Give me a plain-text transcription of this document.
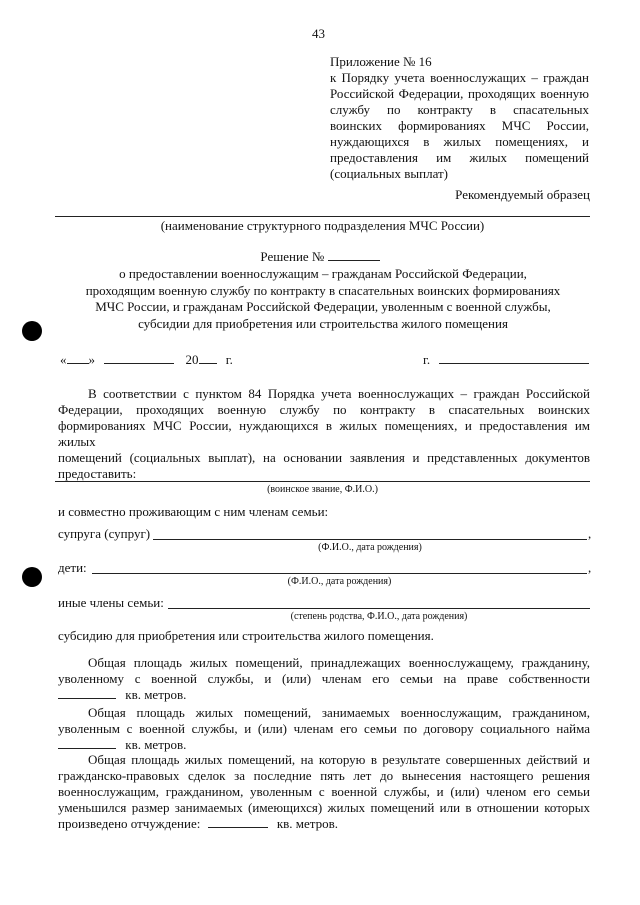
43
Приложение № 16
к Порядку учета военнослужащих – граждан
Российской Федерации, проходящих военную
службу по контракту в спасательных
воинских формированиях МЧС России,
нуждающихся в жилых помещениях, и
предоставления им жилых помещений
(социальных выплат)
Рекомендуемый образец
(наименование структурного подразделения МЧС России)
Решение №
о предоставлении военнослужащим – гражданам Российской Федерации,
проходящим военную службу по контракту в спасательных воинских формированиях
МЧС России, и гражданам Российской Федерации, уволенным с военной службы,
субсидии для приобретения или строительства жилого помещения
« »	20 г.	г.
В соответствии с пунктом 84 Порядка учета военнослужащих – граждан Российской
Федерации, проходящих военную службу по контракту в спасательных воинских
формированиях МЧС России, нуждающихся в жилых помещениях, и предоставления им жилых
помещений (социальных выплат), на основании заявления и представленных документов
предоставить:
(воинское звание, Ф.И.О.)
и совместно проживающим с ним членам семьи:
супруга (супруг)	,
(Ф.И.О., дата рождения)
дети:	,
(Ф.И.О., дата рождения)
иные члены семьи:
(степень родства, Ф.И.О., дата рождения)
субсидию для приобретения или строительства жилого помещения.
Общая площадь жилых помещений, принадлежащих военнослужащему, гражданину,
уволенному с военной службы, и (или) членам его семьи на праве собственности
кв. метров.
Общая площадь жилых помещений, занимаемых военнослужащим, гражданином,
уволенным с военной службы, и (или) членам его семьи по договору социального найма
кв. метров.
Общая площадь жилых помещений, на которую в результате совершенных действий и
гражданско-правовых сделок за последние пять лет до вынесения настоящего решения
военнослужащим, гражданином, уволенным с военной службы, и (или) членом его семьи
уменьшился размер занимаемых (имеющихся) жилых помещений или в отношении которых
произведено отчуждение:	кв. метров.
